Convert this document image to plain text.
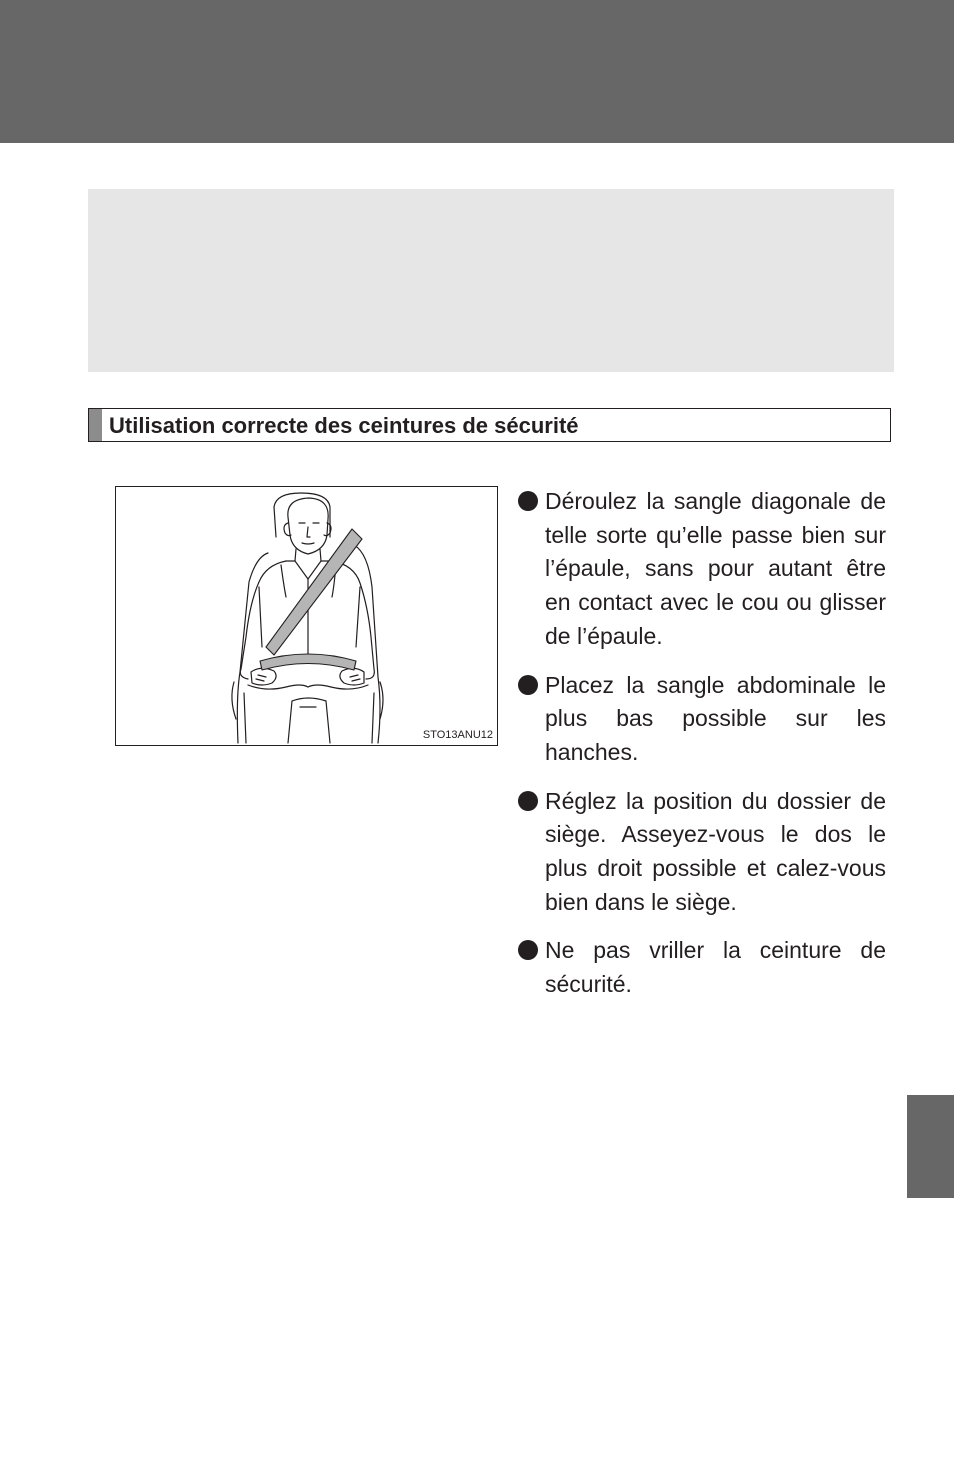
Utilisation correcte des ceintures de sécurité
STO13ANU12
Déroulez la sangle diagonale de telle sorte qu’elle passe bien sur l’épaule, sans pour autant être en contact avec le cou ou glisser de l’épaule.
Placez la sangle abdominale le plus bas possible sur les hanches.
Réglez la position du dossier de siège. Asseyez-vous le dos le plus droit possible et calez-vous bien dans le siège.
Ne pas vriller la ceinture de sécurité.
